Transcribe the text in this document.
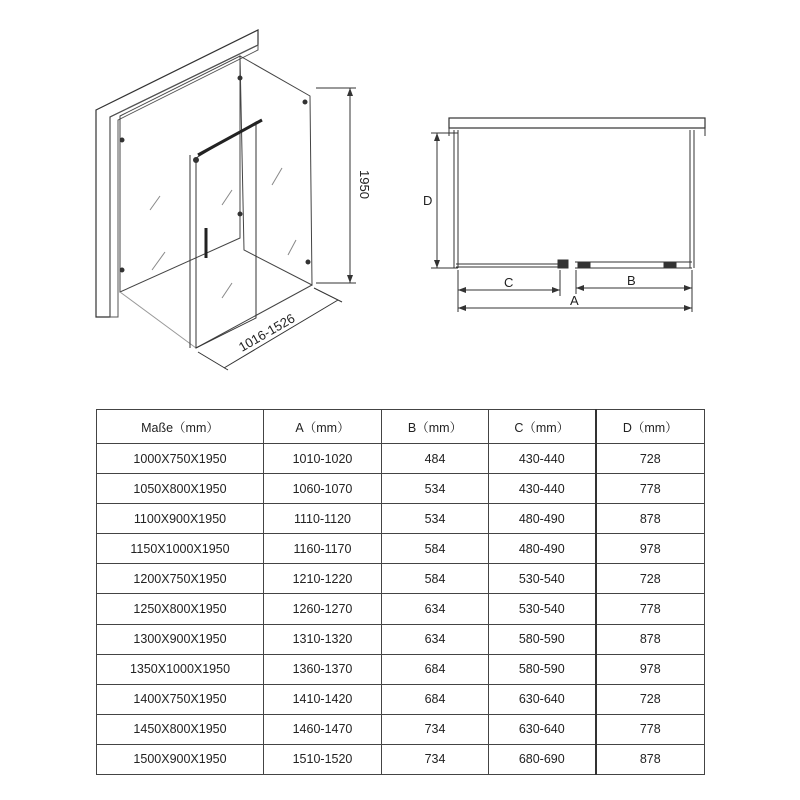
1950
1016-1526
D
C	B
A
Maße（mm）	A（mm）	B（mm）	C（mm）	D（mm）
1000X750X1950	1010-1020	484	430-440	728
1050X800X1950	1060-1070	534	430-440	778
1100X900X1950	1110-1120	534	480-490	878
1150X1000X1950	1160-1170	584	480-490	978
1200X750X1950	1210-1220	584	530-540	728
1250X800X1950	1260-1270	634	530-540	778
1300X900X1950	1310-1320	634	580-590	878
1350X1000X1950	1360-1370	684	580-590	978
1400X750X1950	1410-1420	684	630-640	728
1450X800X1950	1460-1470	734	630-640	778
1500X900X1950	1510-1520	734	680-690	878
